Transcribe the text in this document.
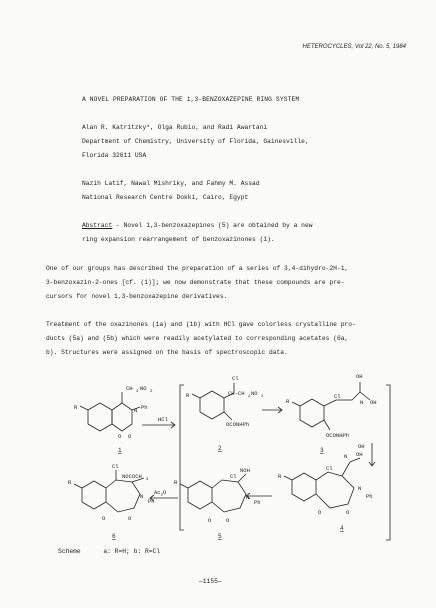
HETEROCYCLES, Vol 22, No. 5, 1984
A NOVEL PREPARATION OF THE 1,3-BENZOXAZEPINE RING SYSTEM
Alan R. Katritzky*, Olga Rubio, and Radi Awartani
Department of Chemistry, University of Florida, Gainesville,
Florida 32611 USA
Nazih Latif, Nawal Mishriky, and Fahmy M. Assad
National Research Centre Dokki, Cairo, Egypt
Abstract - Novel 1,3-benzoxazepines (5) are obtained by a new
ring expansion rearrangement of benzoxazinones (1).
One of our groups has described the preparation of a series of 3,4-dihydro-2H-1,
3-benzoxazin-2-ones [cf. (1)]; we now demonstrate that these compounds are pre-
cursors for novel 1,3-benzoxazepine derivatives.
Treatment of the oxazinones (1a) and (1b) with HCl gave colorless crystalline pro-
ducts (5a) and (5b) which were readily acetylated to corresponding acetates (6a,
b). Structures were assigned on the basis of spectroscopic data.
CH 2 NO 2
R	N Ph
O O
HCl
R
Cl
CH-CH 2 NO 2
OCONHPh
R
Cl
OH
N OH
OCONHPh
R
Cl
N OH
OH
N
Ph
O	O
R
NOH
Cl
N
Ph
O	O
$Ac_2O$
R
Cl
NOCOCH 3
N
Ph
O	O
1	2	3
4
5
6
Scheme	a: R=H; b: R=Cl
—1155—
